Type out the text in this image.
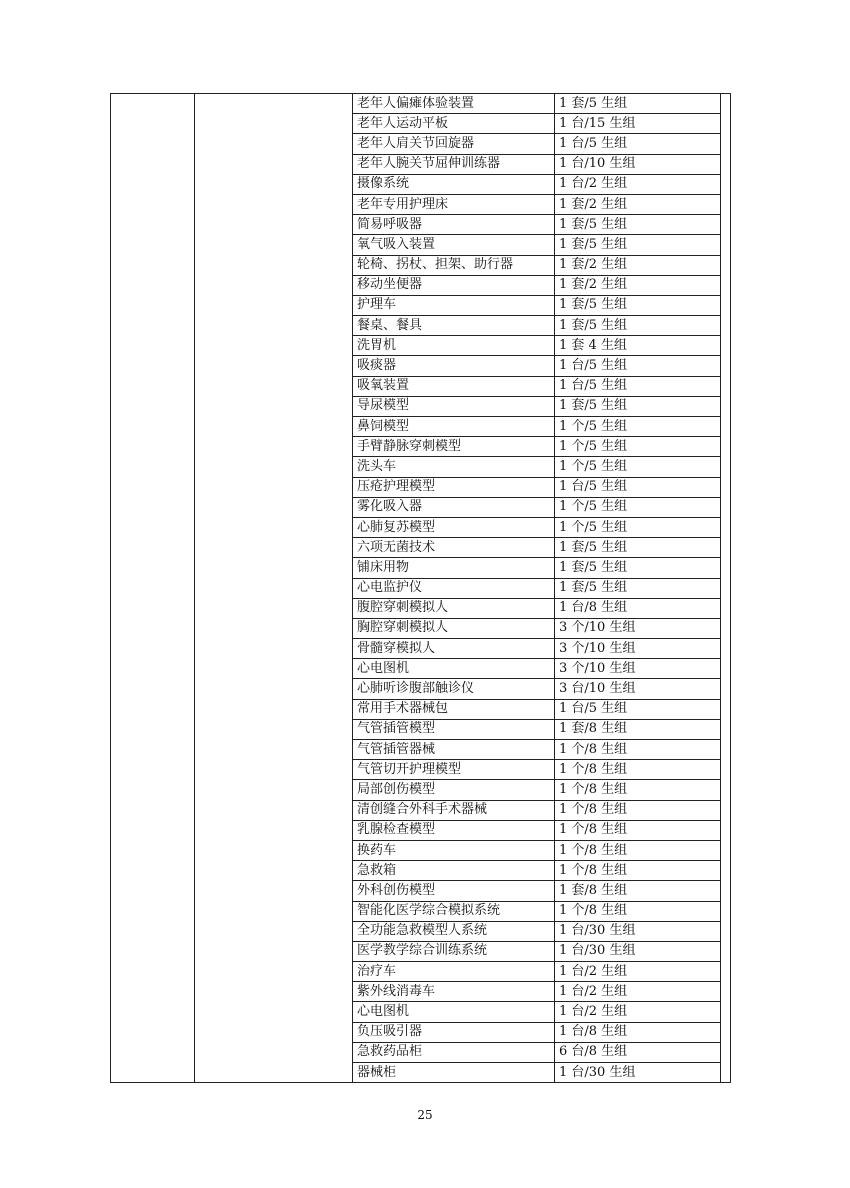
		老年人偏瘫体验装置	1 套/5 生组	
		老年人运动平板	1 台/15 生组	
		老年人肩关节回旋器	1 台/5 生组	
		老年人腕关节屈伸训练器	1 台/10 生组	
		摄像系统	1 台/2 生组	
		老年专用护理床	1 套/2 生组	
		简易呼吸器	1 套/5 生组	
		氧气吸入装置	1 套/5 生组	
		轮椅、拐杖、担架、助行器	1 套/2 生组	
		移动坐便器	1 套/2 生组	
		护理车	1 套/5 生组	
		餐桌、餐具	1 套/5 生组	
		洗胃机	1 套 4 生组	
		吸痰器	1 台/5 生组	
		吸氧装置	1 台/5 生组	
		导尿模型	1 套/5 生组	
		鼻饲模型	1 个/5 生组	
		手臂静脉穿刺模型	1 个/5 生组	
		洗头车	1 个/5 生组	
		压疮护理模型	1 台/5 生组	
		雾化吸入器	1 个/5 生组	
		心肺复苏模型	1 个/5 生组	
		六项无菌技术	1 套/5 生组	
		铺床用物	1 套/5 生组	
		心电监护仪	1 套/5 生组	
		腹腔穿刺模拟人	1 台/8 生组	
		胸腔穿刺模拟人	3 个/10 生组	
		骨髓穿模拟人	3 个/10 生组	
		心电图机	3 个/10 生组	
		心肺听诊腹部触诊仪	3 台/10 生组	
		常用手术器械包	1 台/5 生组	
		气管插管模型	1 套/8 生组	
		气管插管器械	1 个/8 生组	
		气管切开护理模型	1 个/8 生组	
		局部创伤模型	1 个/8 生组	
		清创缝合外科手术器械	1 个/8 生组	
		乳腺检查模型	1 个/8 生组	
		换药车	1 个/8 生组	
		急救箱	1 个/8 生组	
		外科创伤模型	1 套/8 生组	
		智能化医学综合模拟系统	1 个/8 生组	
		全功能急救模型人系统	1 台/30 生组	
		医学教学综合训练系统	1 台/30 生组	
		治疗车	1 台/2 生组	
		紫外线消毒车	1 台/2 生组	
		心电图机	1 台/2 生组	
		负压吸引器	1 台/8 生组	
		急救药品柜	6 台/8 生组	
		器械柜	1 台/30 生组	
25
